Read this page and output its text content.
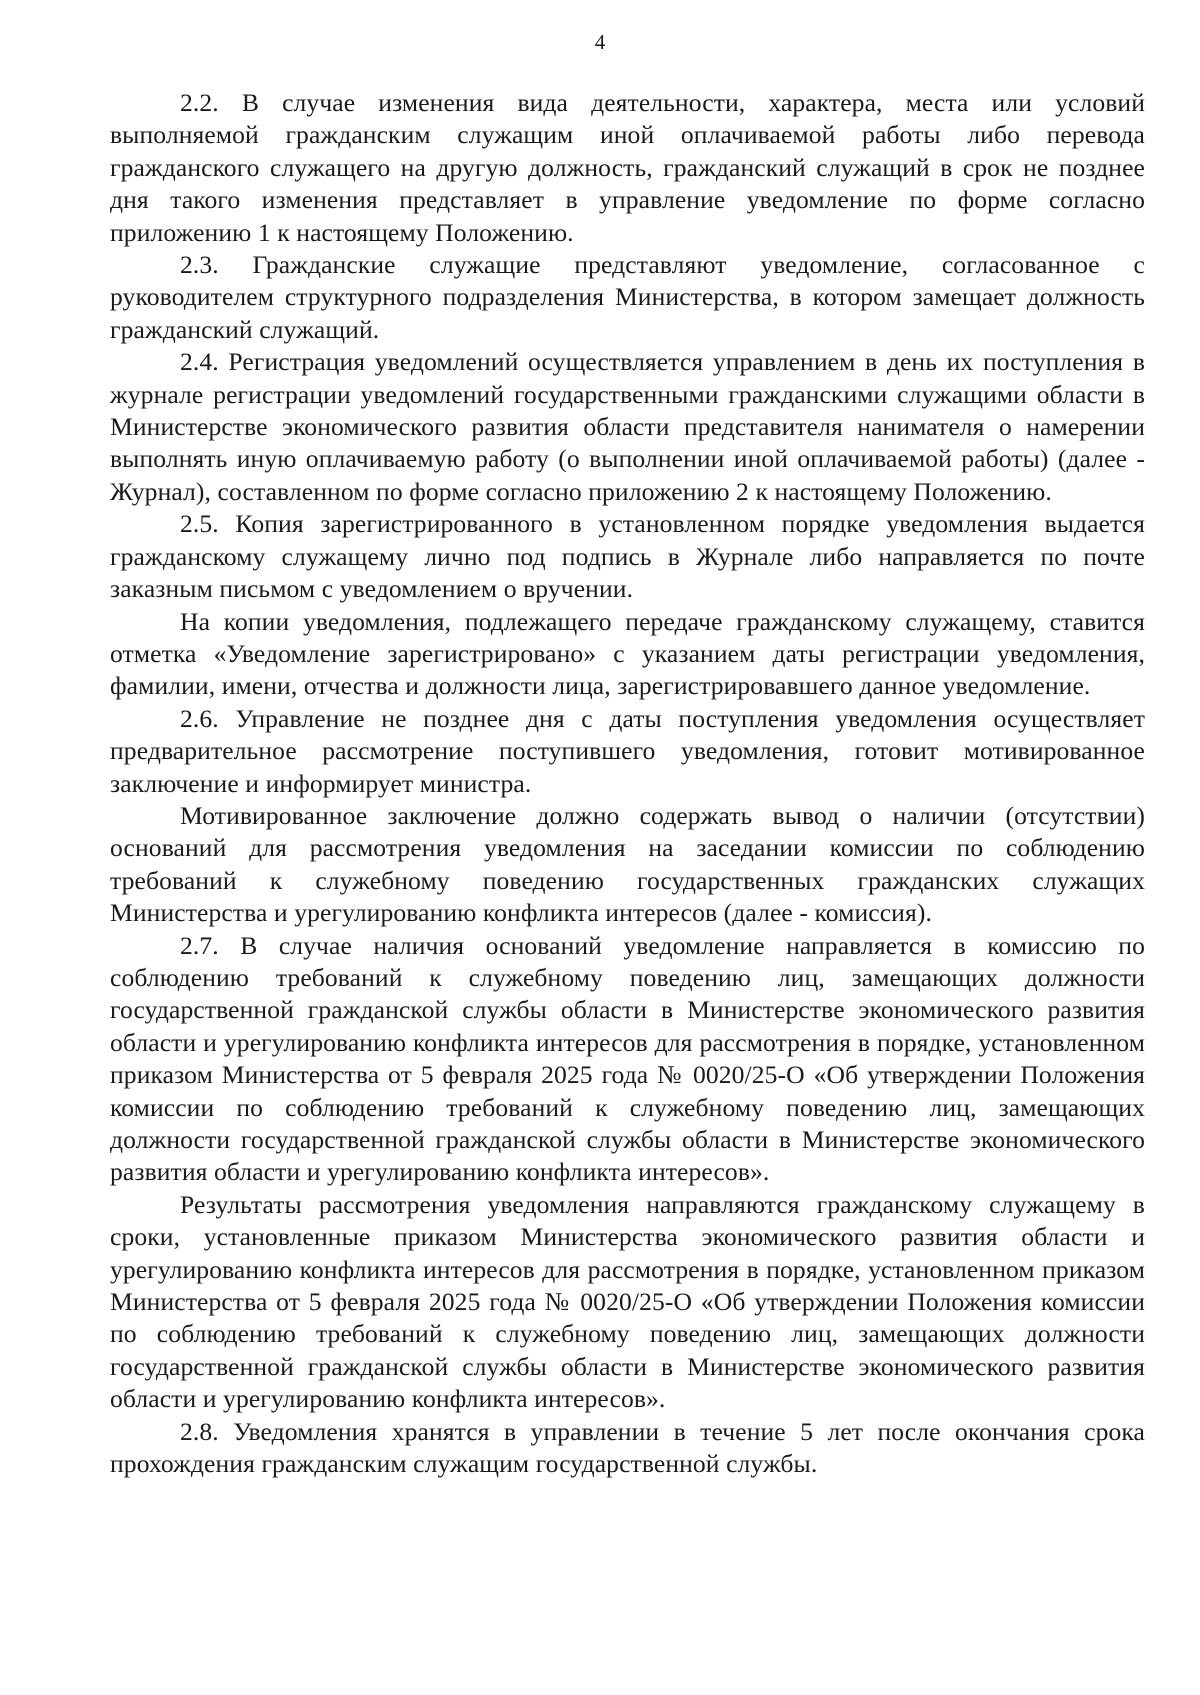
4

2.2. В случае изменения вида деятельности, характера, места или условий выполняемой гражданским служащим иной оплачиваемой работы либо перевода гражданского служащего на другую должность, гражданский служащий в срок не позднее дня такого изменения представляет в управление уведомление по форме согласно приложению 1 к настоящему Положению.

2.3. Гражданские служащие представляют уведомление, согласованное с руководителем структурного подразделения Министерства, в котором замещает должность гражданский служащий.

2.4. Регистрация уведомлений осуществляется управлением в день их поступления в журнале регистрации уведомлений государственными гражданскими служащими области в Министерстве экономического развития области представителя нанимателя о намерении выполнять иную оплачиваемую работу (о выполнении иной оплачиваемой работы) (далее - Журнал), составленном по форме согласно приложению 2 к настоящему Положению.

2.5. Копия зарегистрированного в установленном порядке уведомления выдается гражданскому служащему лично под подпись в Журнале либо направляется по почте заказным письмом с уведомлением о вручении.

На копии уведомления, подлежащего передаче гражданскому служащему, ставится отметка «Уведомление зарегистрировано» с указанием даты регистрации уведомления, фамилии, имени, отчества и должности лица, зарегистрировавшего данное уведомление.

2.6. Управление не позднее дня с даты поступления уведомления осуществляет предварительное рассмотрение поступившего уведомления, готовит мотивированное заключение и информирует министра.

Мотивированное заключение должно содержать вывод о наличии (отсутствии) оснований для рассмотрения уведомления на заседании комиссии по соблюдению требований к служебному поведению государственных гражданских служащих Министерства и урегулированию конфликта интересов (далее - комиссия).

2.7. В случае наличия оснований уведомление направляется в комиссию по соблюдению требований к служебному поведению лиц, замещающих должности государственной гражданской службы области в Министерстве экономического развития области и урегулированию конфликта интересов для рассмотрения в порядке, установленном приказом Министерства от 5 февраля 2025 года № 0020/25-О «Об утверждении Положения комиссии по соблюдению требований к служебному поведению лиц, замещающих должности государственной гражданской службы области в Министерстве экономического развития области и урегулированию конфликта интересов».

Результаты рассмотрения уведомления направляются гражданскому служащему в сроки, установленные приказом Министерства экономического развития области и урегулированию конфликта интересов для рассмотрения в порядке, установленном приказом Министерства от 5 февраля 2025 года № 0020/25-О «Об утверждении Положения комиссии по соблюдению требований к служебному поведению лиц, замещающих должности государственной гражданской службы области в Министерстве экономического развития области и урегулированию конфликта интересов».

2.8. Уведомления хранятся в управлении в течение 5 лет после окончания срока прохождения гражданским служащим государственной службы.
